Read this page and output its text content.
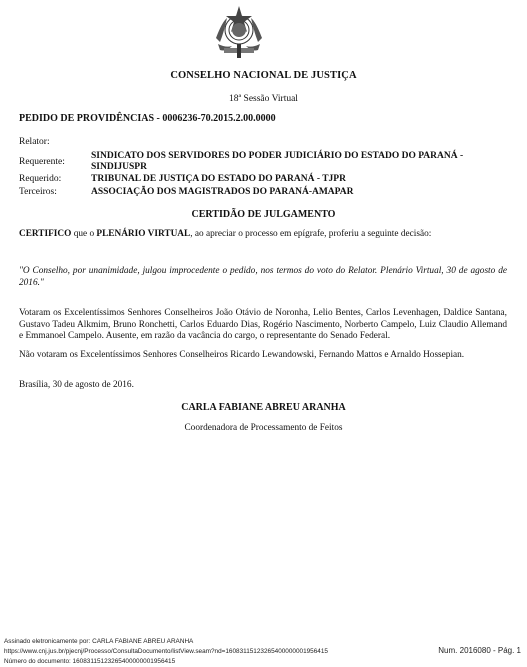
CONSELHO NACIONAL DE JUSTIÇA
18ª Sessão Virtual
PEDIDO DE PROVIDÊNCIAS - 0006236-70.2015.2.00.0000
Relator:
Requerente:
SINDICATO DOS SERVIDORES DO PODER JUDICIÁRIO DO ESTADO DO PARANÁ - SINDIJUSPR
Requerido:	TRIBUNAL DE JUSTIÇA DO ESTADO DO PARANÁ - TJPR
Terceiros:	ASSOCIAÇÃO DOS MAGISTRADOS DO PARANÁ-AMAPAR
CERTIDÃO DE JULGAMENTO
CERTIFICO que o PLENÁRIO VIRTUAL, ao apreciar o processo em epígrafe, proferiu a seguinte decisão:
"O Conselho, por unanimidade, julgou improcedente o pedido, nos termos do voto do Relator. Plenário Virtual, 30 de agosto de 2016."
Votaram os Excelentíssimos Senhores Conselheiros João Otávio de Noronha, Lelio Bentes, Carlos Levenhagen, Daldice Santana, Gustavo Tadeu Alkmim, Bruno Ronchetti, Carlos Eduardo Dias, Rogério Nascimento, Norberto Campelo, Luiz Claudio Allemand e Emmanoel Campelo. Ausente, em razão da vacância do cargo, o representante do Senado Federal.
Não votaram os Excelentíssimos Senhores Conselheiros Ricardo Lewandowski, Fernando Mattos e Arnaldo Hossepian.
Brasília, 30 de agosto de 2016.
CARLA FABIANE ABREU ARANHA
Coordenadora de Processamento de Feitos
Assinado eletronicamente por: CARLA FABIANE ABREU ARANHA
https://www.cnj.jus.br/pjecnj/Processo/ConsultaDocumento/listView.seam?nd=16083115123265400000001956415
Número do documento: 16083115123265400000001956415
Num. 2016080 - Pág. 1
